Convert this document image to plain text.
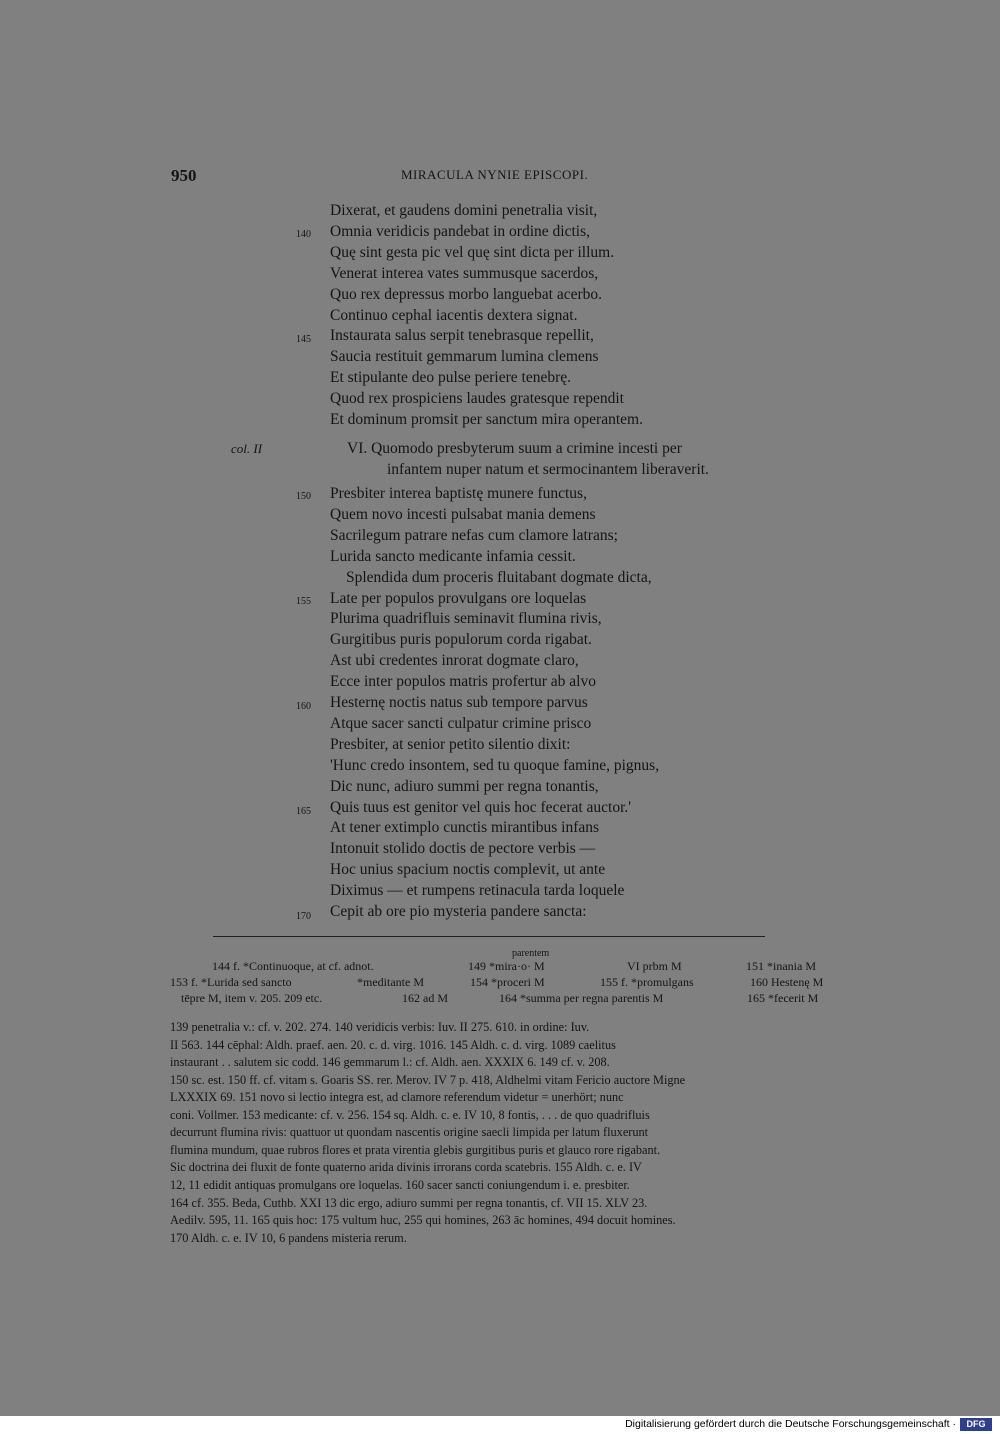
950	MIRACULA NYNIE EPISCOPI.
Dixerat, et gaudens domini penetralia visit,
Omnia veridicis pandebat in ordine dictis,
Quę sint gesta pic vel quę sint dicta per illum.
Venerat interea vates summusque sacerdos,
Quo rex depressus morbo languebat acerbo.
Continuo cephal iacentis dextera signat.
Instaurata salus serpit tenebrasque repellit,
Saucia restituit gemmarum lumina clemens
Et stipulante deo pulse periere tenebrę.
Quod rex prospiciens laudes gratesque rependit
Et dominum promsit per sanctum mira operantem.
140
145
Presbiter interea baptistę munere functus,
Quem novo incesti pulsabat mania demens
Sacrilegum patrare nefas cum clamore latrans;
Lurida sancto medicante infamia cessit.
Splendida dum proceris fluitabant dogmate dicta,
Late per populos provulgans ore loquelas
Plurima quadrifluis seminavit flumina rivis,
Gurgitibus puris populorum corda rigabat.
Ast ubi credentes inrorat dogmate claro,
Ecce inter populos matris profertur ab alvo
Hesternę noctis natus sub tempore parvus
Atque sacer sancti culpatur crimine prisco
Presbiter, at senior petito silentio dixit:
'Hunc credo insontem, sed tu quoque famine, pignus,
Dic nunc, adiuro summi per regna tonantis,
Quis tuus est genitor vel quis hoc fecerat auctor.'
At tener extimplo cunctis mirantibus infans
Intonuit stolido doctis de pectore verbis —
Hoc unius spacium noctis complevit, ut ante
Diximus — et rumpens retinacula tarda loquele
Cepit ab ore pio mysteria pandere sancta:
150
155
160
165
170
col. II	VI. Quomodo presbyterum suum a crimine incesti per
infantem nuper natum et sermocinantem liberaverit.
parentem
144 f. *Continuoque, at cf. adnot.	149 *mira·o· M	VI prbm M	151 *inania M
153 f. *Lurida sed sancto	*meditante M	154 *proceri M	155 f. *promulgans	160 Hestenę M
tēpre M, item v. 205. 209 etc.	162 ad M	164 *summa per regna parentis M	165 *fecerit M
139 penetralia v.: cf. v. 202. 274. 140 veridicis verbis: Iuv. II 275. 610. in ordine: Iuv.
II 563. 144 cēphal: Aldh. praef. aen. 20. c. d. virg. 1016. 145 Aldh. c. d. virg. 1089 caelitus
instaurant . . salutem sic codd. 146 gemmarum l.: cf. Aldh. aen. XXXIX 6. 149 cf. v. 208.
150 sc. est. 150 ff. cf. vitam s. Goaris SS. rer. Merov. IV 7 p. 418, Aldhelmi vitam Fericio auctore Migne
LXXXIX 69. 151 novo si lectio integra est, ad clamore referendum videtur = unerhört; nunc
coni. Vollmer. 153 medicante: cf. v. 256. 154 sq. Aldh. c. e. IV 10, 8 fontis, . . . de quo quadrifluis
decurrunt flumina rivis: quattuor ut quondam nascentis origine saecli limpida per latum fluxerunt
flumina mundum, quae rubros flores et prata virentia glebis gurgitibus puris et glauco rore rigabant.
Sic doctrina dei fluxit de fonte quaterno arida divinis irrorans corda scatebris. 155 Aldh. c. e. IV
12, 11 edidit antiquas promulgans ore loquelas. 160 sacer sancti coniungendum i. e. presbiter.
164 cf. 355. Beda, Cuthb. XXI 13 dic ergo, adiuro summi per regna tonantis, cf. VII 15. XLV 23.
Aedilv. 595, 11. 165 quis hoc: 175 vultum huc, 255 qui homines, 263 āc homines, 494 docuit homines.
170 Aldh. c. e. IV 10, 6 pandens misteria rerum.
Digitalisierung gefördert durch die Deutsche Forschungsgemeinschaft ·	DFG
